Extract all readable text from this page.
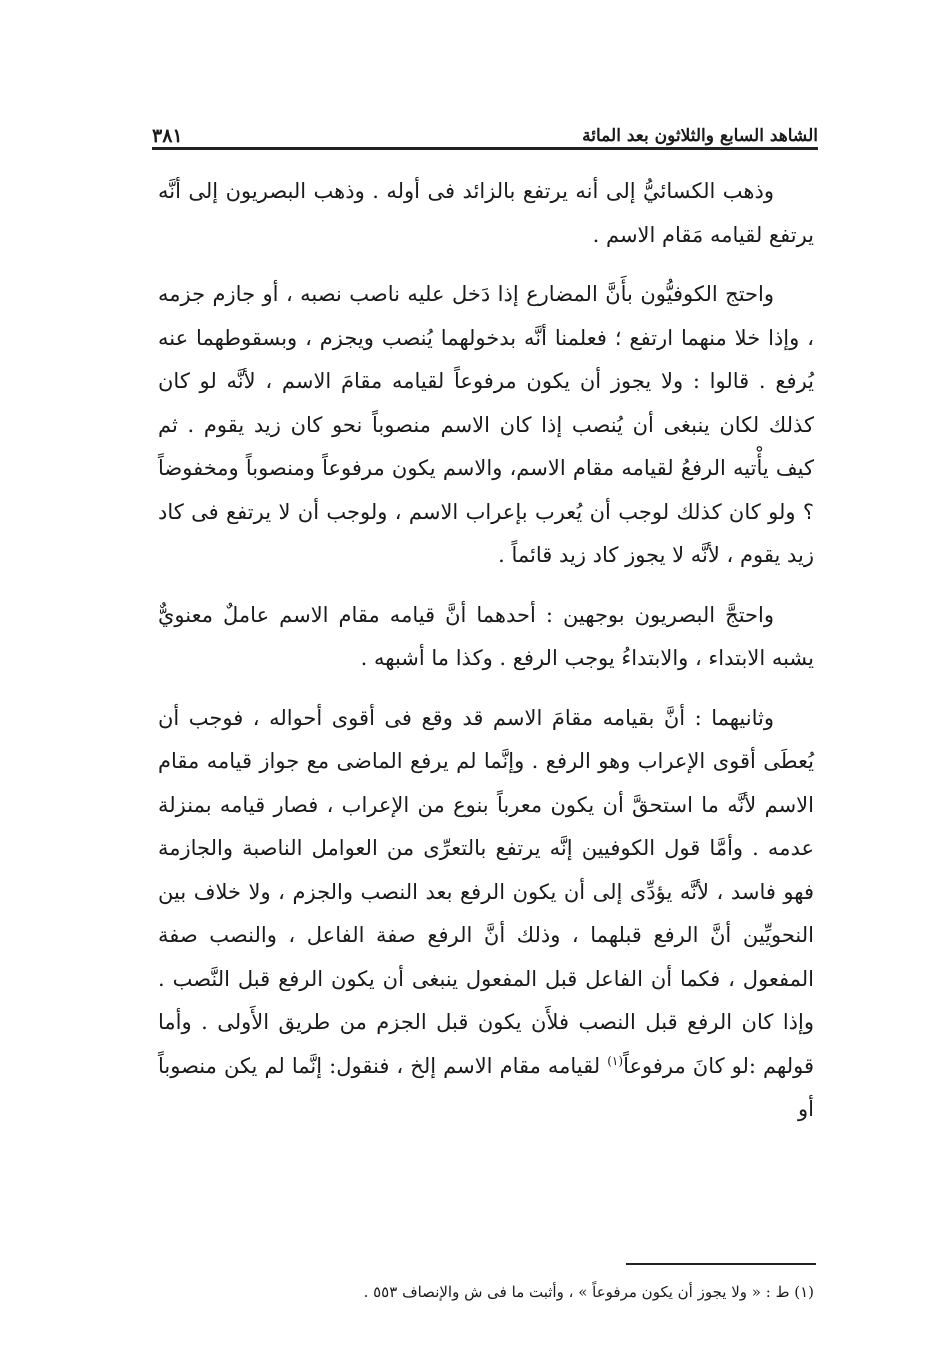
الشاهد السابع والثلاثون بعد المائة
٣٨١

وذهب الكسائيُّ إلى أنه يرتفع بالزائد فى أوله . وذهب البصريون إلى أنَّه يرتفع لقيامه مَقام الاسم .

واحتج الكوفيُّون بأَنَّ المضارع إذا دَخل عليه ناصب نصبه ، أو جازم جزمه ، وإذا خلا منهما ارتفع ؛ فعلمنا أنَّه بدخولهما يُنصب ويجزم ، وبسقوطهما عنه يُرفع . قالوا : ولا يجوز أن يكون مرفوعاً لقيامه مقامَ الاسم ، لأنَّه لو كان كذلك لكان ينبغى أن يُنصب إذا كان الاسم منصوباً نحو كان زيد يقوم . ثم كيف يأْتيه الرفعُ لقيامه مقام الاسم، والاسم يكون مرفوعاً ومنصوباً ومخفوضاً ؟ ولو كان كذلك لوجب أن يُعرب بإعراب الاسم ، ولوجب أن لا يرتفع فى كاد زيد يقوم ، لأنَّه لا يجوز كاد زيد قائماً .

واحتجَّ البصريون بوجهين : أحدهما أنَّ قيامه مقام الاسم عاملٌ معنويٌّ يشبه الابتداء ، والابتداءُ يوجب الرفع . وكذا ما أشبهه .

وثانيهما : أنَّ بقيامه مقامَ الاسم قد وقع فى أقوى أحواله ، فوجب أن يُعطَى أقوى الإعراب وهو الرفع . وإنَّما لم يرفع الماضى مع جواز قيامه مقام الاسم لأنَّه ما استحقَّ أن يكون معرباً بنوع من الإعراب ، فصار قيامه بمنزلة عدمه . وأمَّا قول الكوفيين إنَّه يرتفع بالتعرِّى من العوامل الناصبة والجازمة فهو فاسد ، لأنَّه يؤدِّى إلى أن يكون الرفع بعد النصب والجزم ، ولا خلاف بين النحويِّين أنَّ الرفع قبلهما ، وذلك أنَّ الرفع صفة الفاعل ، والنصب صفة المفعول ، فكما أن الفاعل قبل المفعول ينبغى أن يكون الرفع قبل النَّصب . وإذا كان الرفع قبل النصب فلأَن يكون قبل الجزم من طريق الأَولى . وأما قولهم :لو كانَ مرفوعاً$^{(١)}$ لقيامه مقام الاسم إلخ ، فنقول: إنَّما لم يكن منصوباً أو

(١) ط : « ولا يجوز أن يكون مرفوعاً » ، وأثبت ما فى ش والإنصاف ٥٥٣ .
